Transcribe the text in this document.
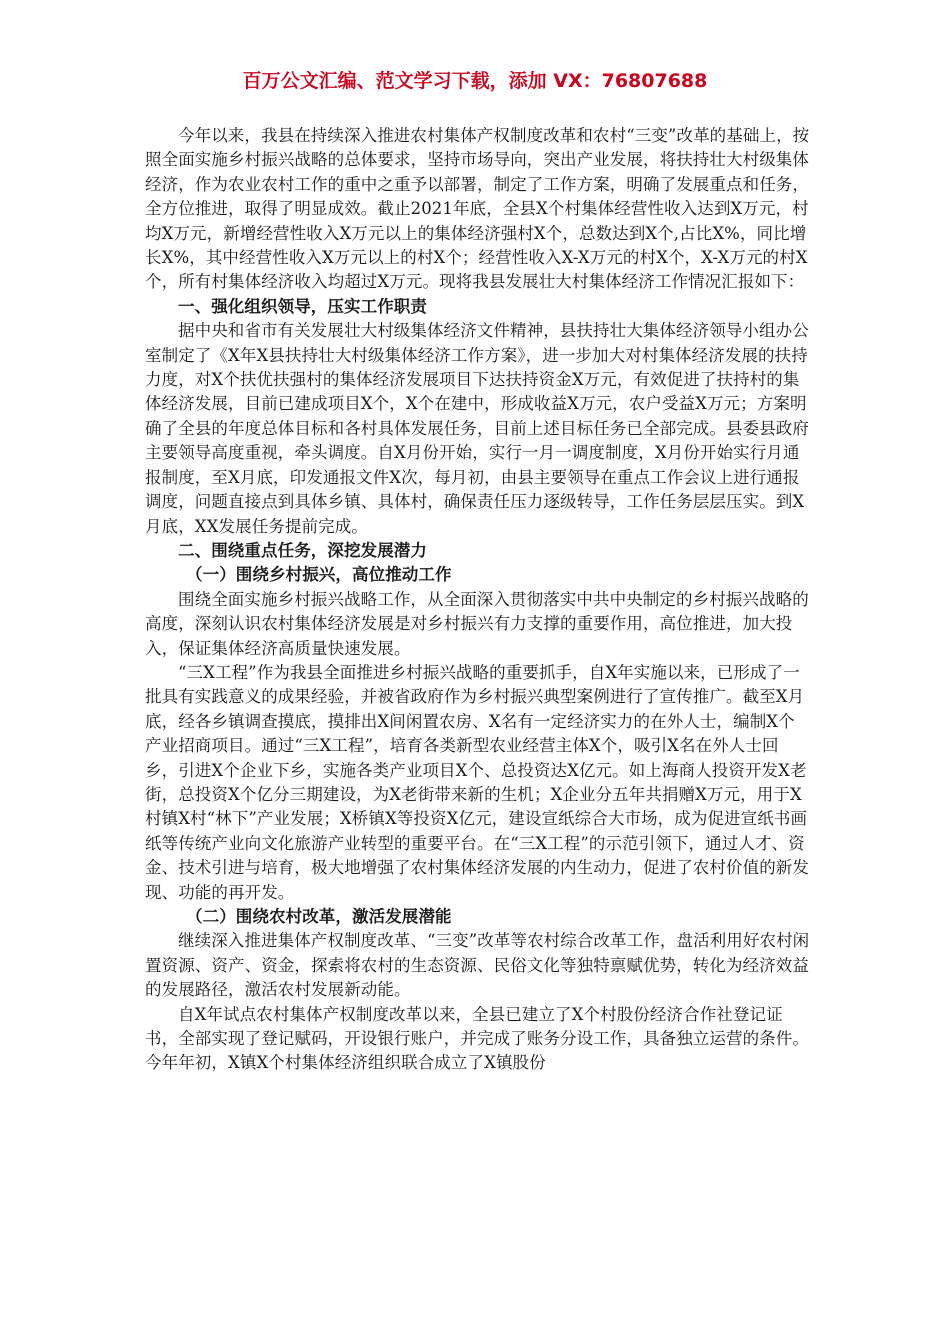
百万公文汇编、范文学习下载，添加 VX：76807688

今年以来，我县在持续深入推进农村集体产权制度改革和农村“三变”改革的基础上，按照全面实施乡村振兴战略的总体要求，坚持市场导向，突出产业发展，将扶持壮大村级集体经济，作为农业农村工作的重中之重予以部署，制定了工作方案，明确了发展重点和任务，全方位推进，取得了明显成效。截止2021年底，全县X个村集体经营性收入达到X万元，村均X万元，新增经营性收入X万元以上的集体经济强村X个，总数达到X个,占比X%，同比增长X%，其中经营性收入X万元以上的村X个；经营性收入X-X万元的村X个，X-X万元的村X个，所有村集体经济收入均超过X万元。现将我县发展壮大村集体经济工作情况汇报如下：

一、强化组织领导，压实工作职责

据中央和省市有关发展壮大村级集体经济文件精神，县扶持壮大集体经济领导小组办公室制定了《X年X县扶持壮大村级集体经济工作方案》，进一步加大对村集体经济发展的扶持力度，对X个扶优扶强村的集体经济发展项目下达扶持资金X万元，有效促进了扶持村的集体经济发展，目前已建成项目X个，X个在建中，形成收益X万元，农户受益X万元；方案明确了全县的年度总体目标和各村具体发展任务，目前上述目标任务已全部完成。县委县政府主要领导高度重视，牵头调度。自X月份开始，实行一月一调度制度，X月份开始实行月通报制度，至X月底，印发通报文件X次，每月初，由县主要领导在重点工作会议上进行通报调度，问题直接点到具体乡镇、具体村，确保责任压力逐级转导，工作任务层层压实。到X月底，XX发展任务提前完成。

二、围绕重点任务，深挖发展潜力

（一）围绕乡村振兴，高位推动工作

围绕全面实施乡村振兴战略工作，从全面深入贯彻落实中共中央制定的乡村振兴战略的高度，深刻认识农村集体经济发展是对乡村振兴有力支撑的重要作用，高位推进，加大投入，保证集体经济高质量快速发展。

“三X工程”作为我县全面推进乡村振兴战略的重要抓手，自X年实施以来，已形成了一批具有实践意义的成果经验，并被省政府作为乡村振兴典型案例进行了宣传推广。截至X月底，经各乡镇调查摸底，摸排出X间闲置农房、X名有一定经济实力的在外人士，编制X个产业招商项目。通过“三X工程”，培育各类新型农业经营主体X个，吸引X名在外人士回乡，引进X个企业下乡，实施各类产业项目X个、总投资达X亿元。如上海商人投资开发X老街，总投资X个亿分三期建设，为X老街带来新的生机；X企业分五年共捐赠X万元，用于X村镇X村“林下”产业发展；X桥镇X等投资X亿元，建设宣纸综合大市场，成为促进宣纸书画纸等传统产业向文化旅游产业转型的重要平台。在“三X工程”的示范引领下，通过人才、资金、技术引进与培育，极大地增强了农村集体经济发展的内生动力，促进了农村价值的新发现、功能的再开发。

（二）围绕农村改革，激活发展潜能

继续深入推进集体产权制度改革、“三变”改革等农村综合改革工作，盘活利用好农村闲置资源、资产、资金，探索将农村的生态资源、民俗文化等独特禀赋优势，转化为经济效益的发展路径，激活农村发展新动能。

自X年试点农村集体产权制度改革以来，全县已建立了X个村股份经济合作社登记证书，全部实现了登记赋码，开设银行账户，并完成了账务分设工作，具备独立运营的条件。今年年初，X镇X个村集体经济组织联合成立了X镇股份
